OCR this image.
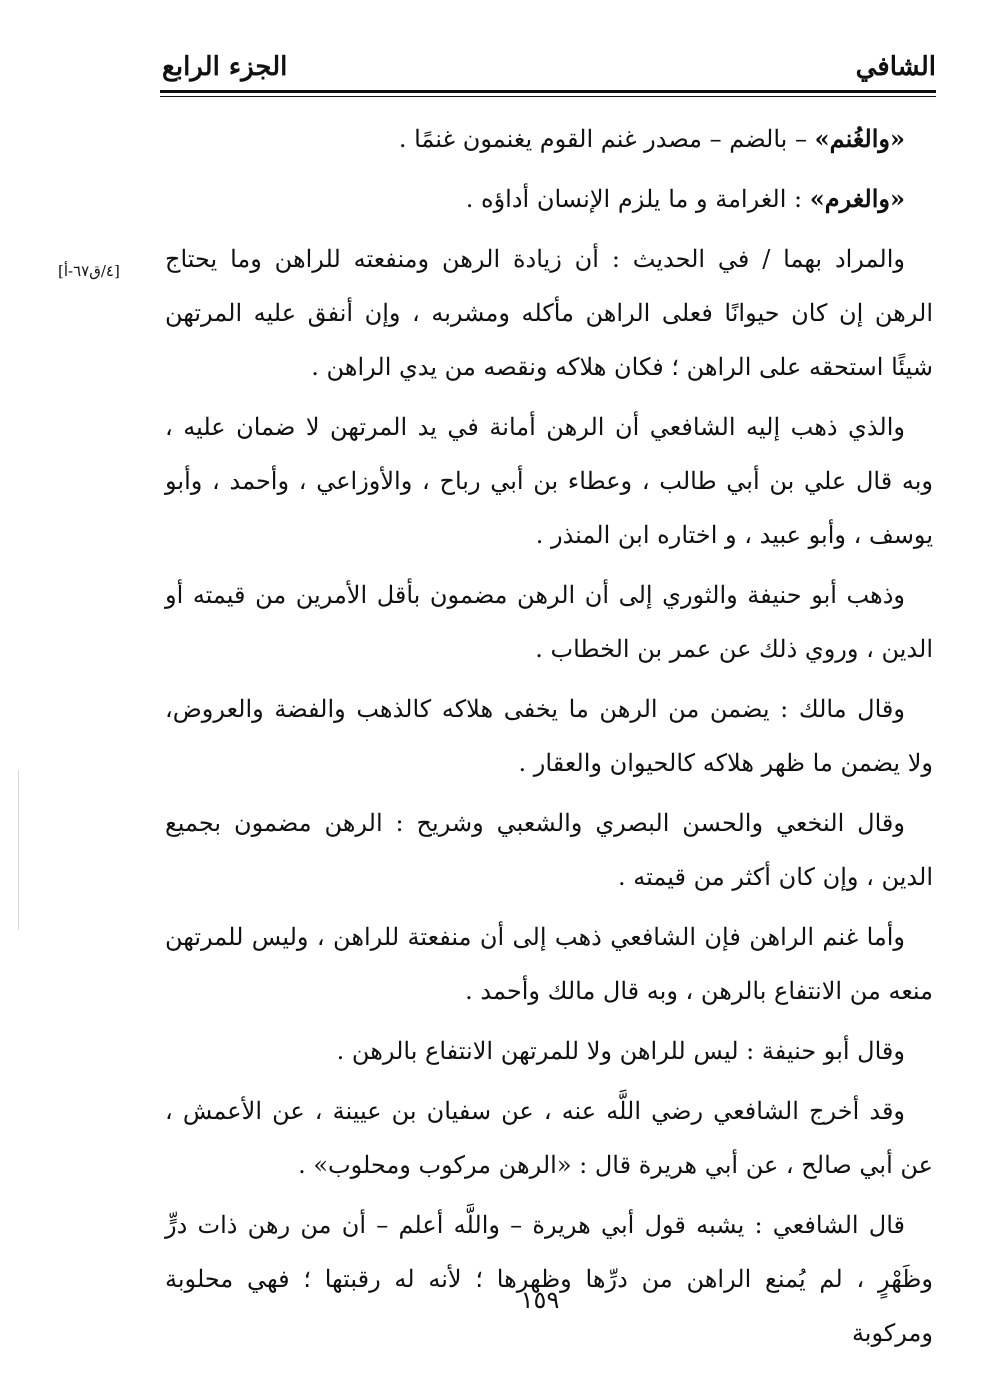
الشافي
الجزء الرابع
[٤/ق٦٧-أ]

«والغُنم» – بالضم – مصدر غنم القوم يغنمون غنمًا .

«والغرم» : الغرامة و ما يلزم الإنسان أداؤه .

والمراد بهما / في الحديث : أن زيادة الرهن ومنفعته للراهن وما يحتاج الرهن إن كان حيوانًا فعلى الراهن مأكله ومشربه ، وإن أنفق عليه المرتهن شيئًا استحقه على الراهن ؛ فكان هلاكه ونقصه من يدي الراهن .

والذي ذهب إليه الشافعي أن الرهن أمانة في يد المرتهن لا ضمان عليه ، وبه قال علي بن أبي طالب ، وعطاء بن أبي رباح ، والأوزاعي ، وأحمد ، وأبو يوسف ، وأبو عبيد ، و اختاره ابن المنذر .

وذهب أبو حنيفة والثوري إلى أن الرهن مضمون بأقل الأمرين من قيمته أو الدين ، وروي ذلك عن عمر بن الخطاب .

وقال مالك : يضمن من الرهن ما يخفى هلاكه كالذهب والفضة والعروض، ولا يضمن ما ظهر هلاكه كالحيوان والعقار .

وقال النخعي والحسن البصري والشعبي وشريح : الرهن مضمون بجميع الدين ، وإن كان أكثر من قيمته .

وأما غنم الراهن فإن الشافعي ذهب إلى أن منفعتة للراهن ، وليس للمرتهن منعه من الانتفاع بالرهن ، وبه قال مالك وأحمد .

وقال أبو حنيفة : ليس للراهن ولا للمرتهن الانتفاع بالرهن .

وقد أخرج الشافعي رضي اللَّه عنه ، عن سفيان بن عيينة ، عن الأعمش ، عن أبي صالح ، عن أبي هريرة قال : «الرهن مركوب ومحلوب» .

قال الشافعي : يشبه قول أبي هريرة – واللَّه أعلم – أن من رهن ذات درٍّ وظَهْرٍ ، لم يُمنع الراهن من درِّها وظهرها ؛ لأنه له رقبتها ؛ فهي محلوبة ومركوبة

١٥٩
